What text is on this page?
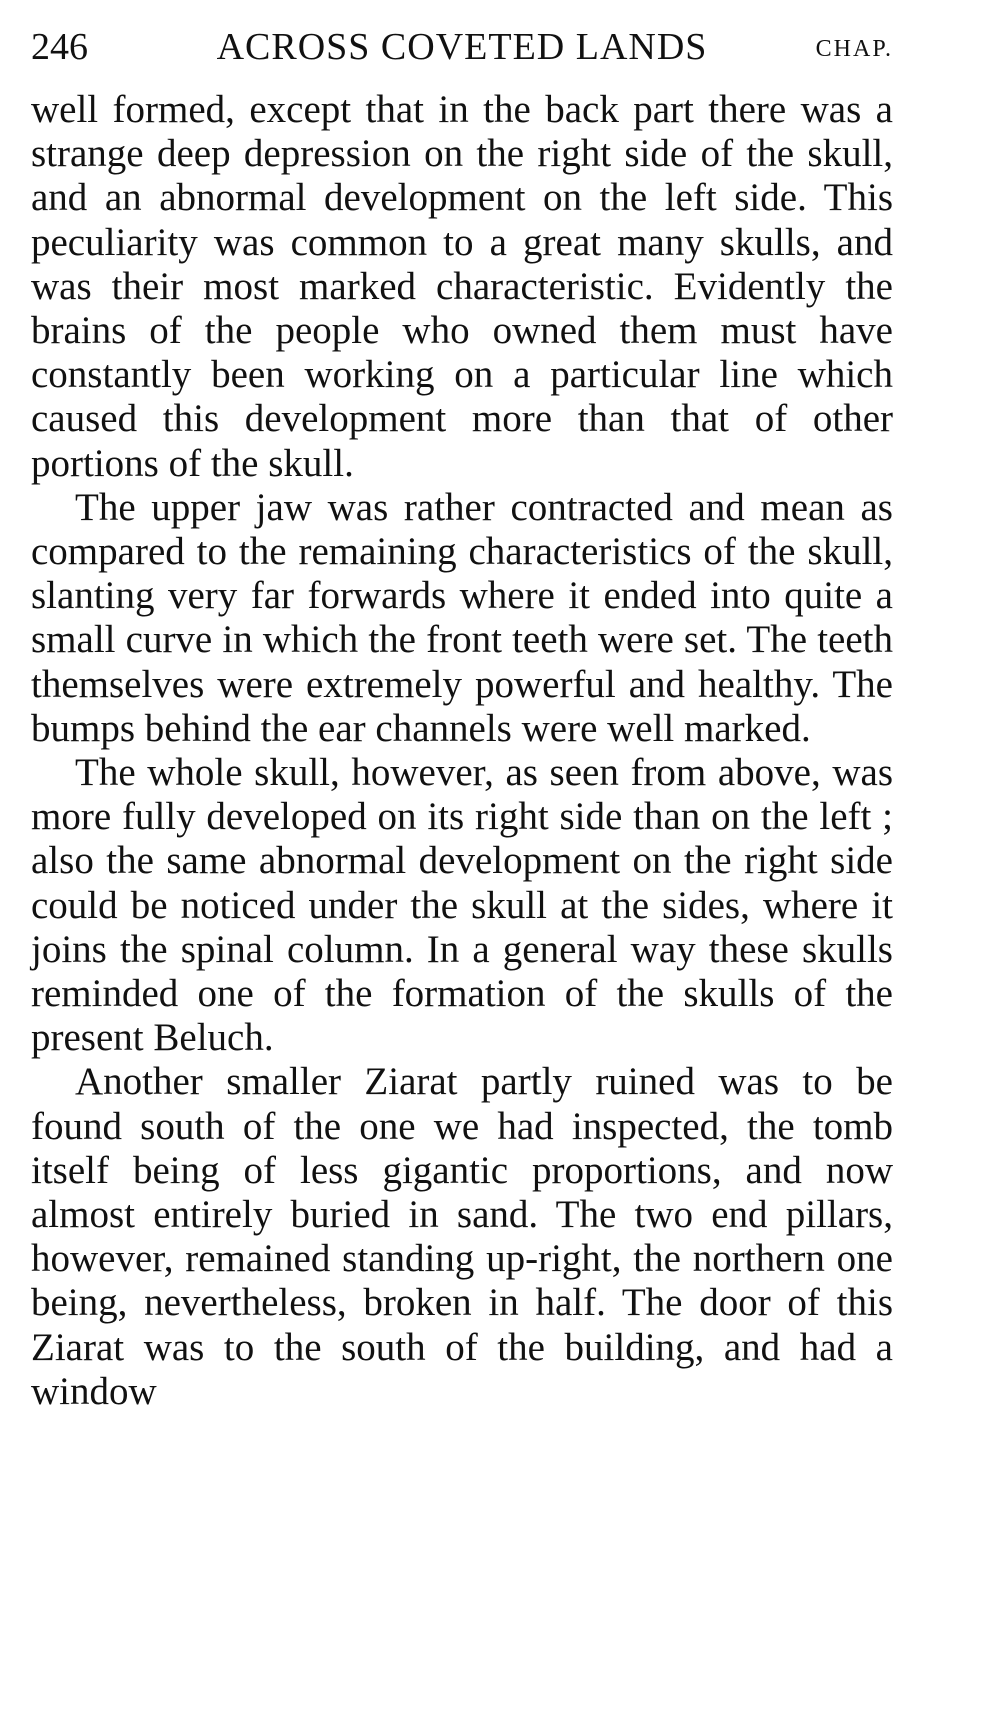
246	ACROSS COVETED LANDS	CHAP.

well formed, except that in the back part there was a strange deep depression on the right side of the skull, and an abnormal development on the left side. This peculiarity was common to a great many skulls, and was their most marked characteristic. Evidently the brains of the people who owned them must have constantly been working on a particular line which caused this development more than that of other portions of the skull.

The upper jaw was rather contracted and mean as compared to the remaining characteristics of the skull, slanting very far forwards where it ended into quite a small curve in which the front teeth were set. The teeth themselves were extremely powerful and healthy. The bumps behind the ear channels were well marked.

The whole skull, however, as seen from above, was more fully developed on its right side than on the left ; also the same abnormal development on the right side could be noticed under the skull at the sides, where it joins the spinal column. In a general way these skulls reminded one of the formation of the skulls of the present Beluch.

Another smaller Ziarat partly ruined was to be found south of the one we had inspected, the tomb itself being of less gigantic proportions, and now almost entirely buried in sand. The two end pillars, however, remained standing up-right, the northern one being, nevertheless, broken in half. The door of this Ziarat was to the south of the building, and had a window
